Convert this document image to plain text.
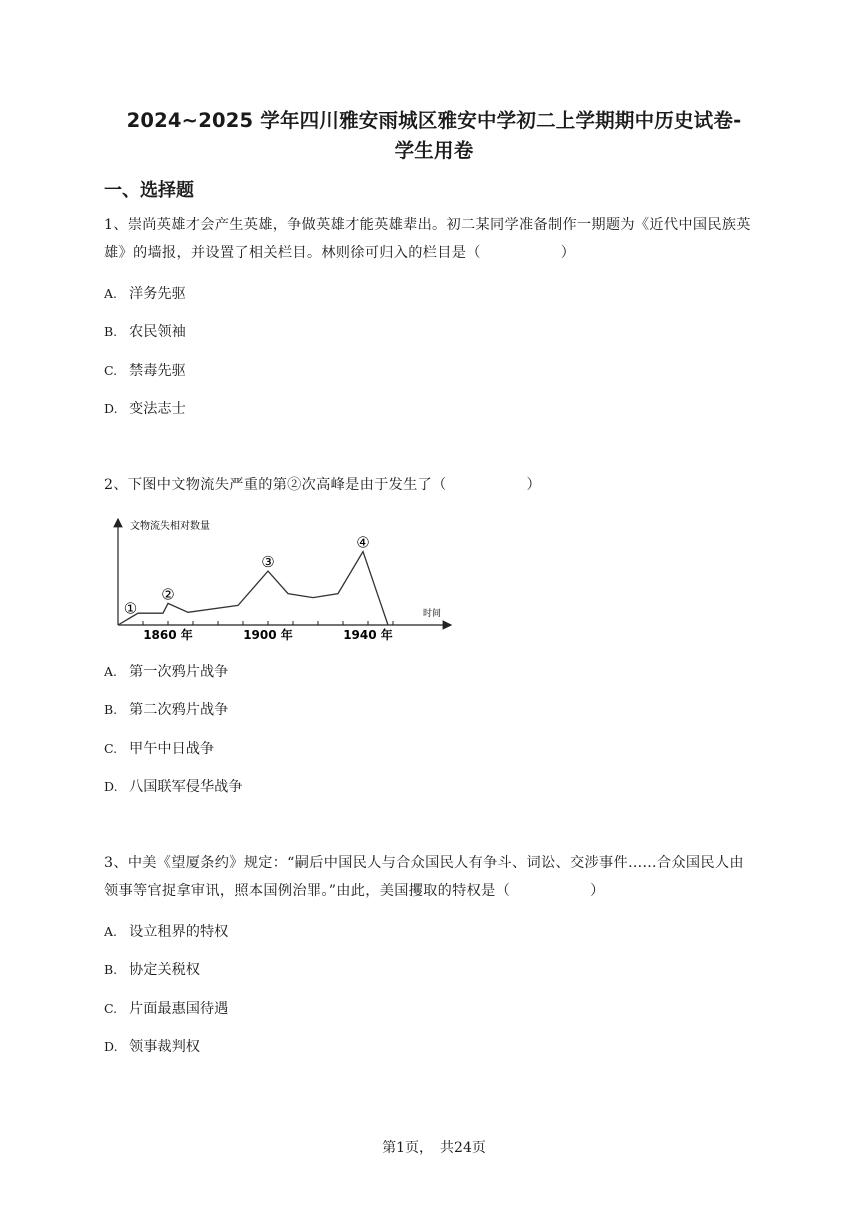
2024~2025 学年四川雅安雨城区雅安中学初二上学期期中历史试卷-
学生用卷
一、选择题
1、崇尚英雄才会产生英雄，争做英雄才能英雄辈出。初二某同学准备制作一期题为《近代中国民族英雄》的墙报，并设置了相关栏目。林则徐可归入的栏目是（	）
A. 洋务先驱
B. 农民领袖
C. 禁毒先驱
D. 变法志士
2、下图中文物流失严重的第②次高峰是由于发生了（	）
文物流失相对数量
时间
①
②
③
④
1860 年	1900 年	1940 年
A. 第一次鸦片战争
B. 第二次鸦片战争
C. 甲午中日战争
D. 八国联军侵华战争
3、中美《望厦条约》规定：“嗣后中国民人与合众国民人有争斗、词讼、交涉事件……合众国民人由领事等官捉拿审讯，照本国例治罪。”由此，美国攫取的特权是（	）
A. 设立租界的特权
B. 协定关税权
C. 片面最惠国待遇
D. 领事裁判权
第1页，　共24页
